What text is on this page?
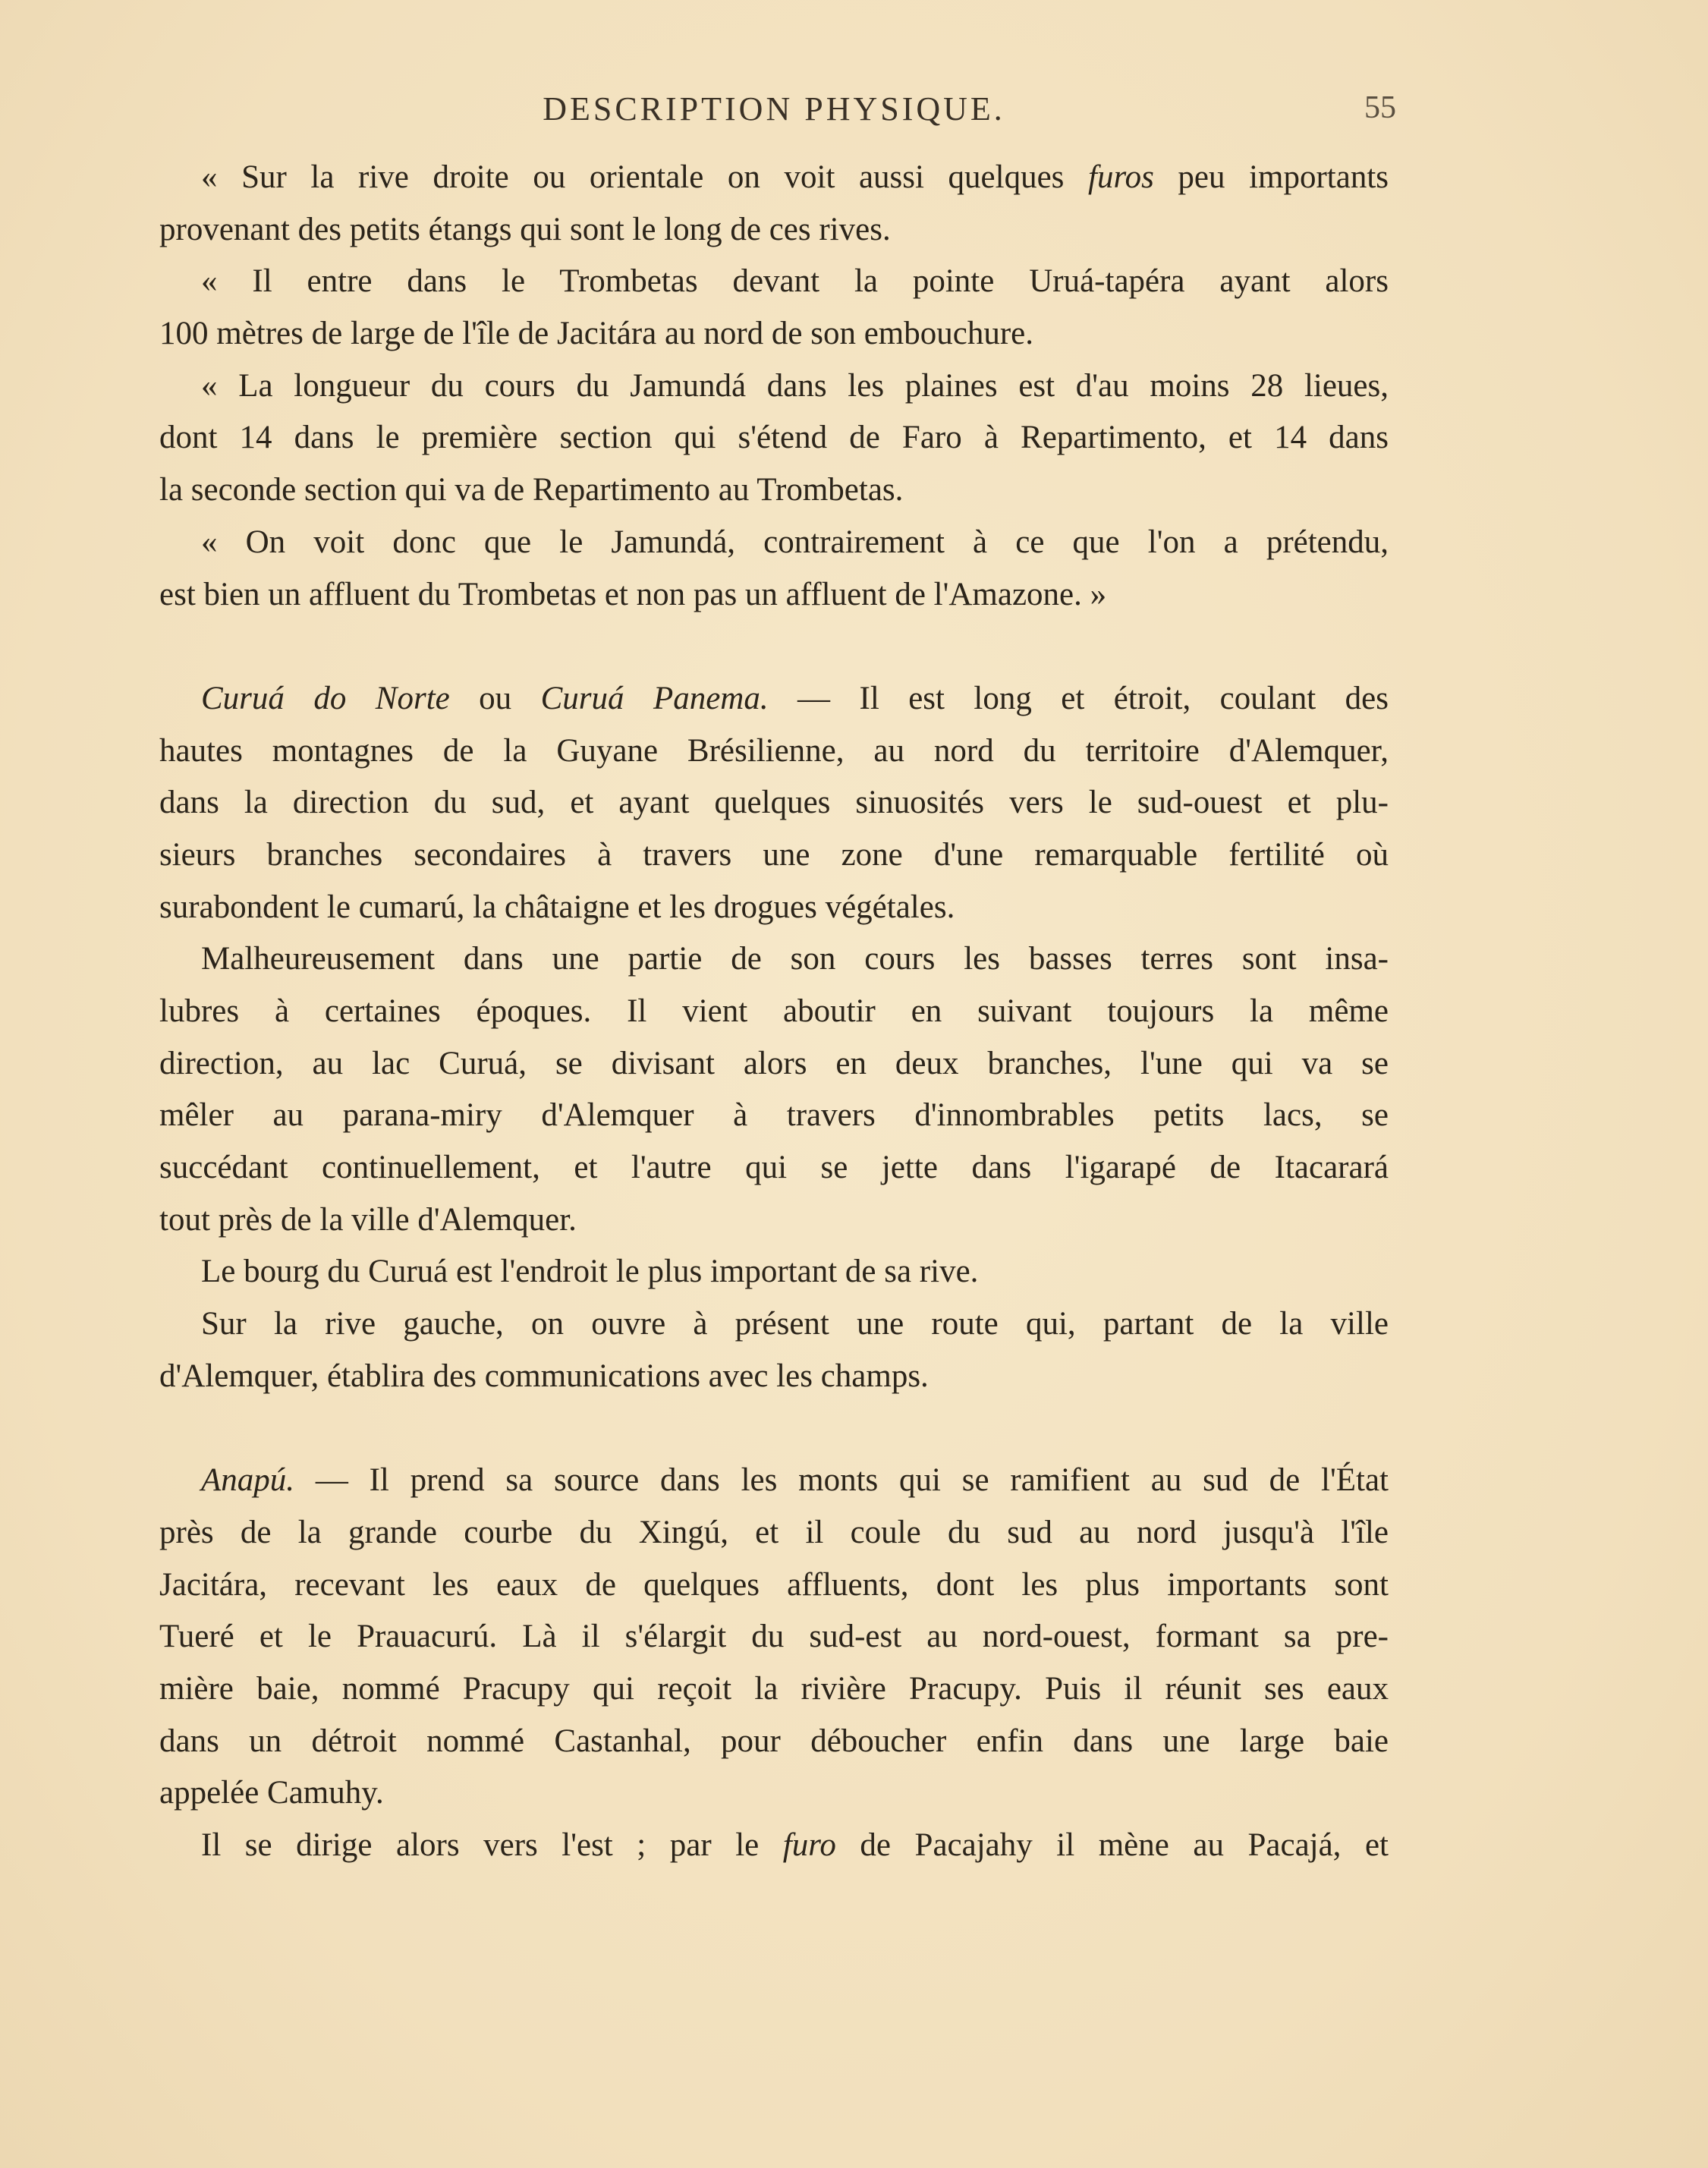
DESCRIPTION PHYSIQUE.	55
« Sur la rive droite ou orientale on voit aussi quelques furos peu importants
provenant des petits étangs qui sont le long de ces rives.
« Il entre dans le Trombetas devant la pointe Uruá-tapéra ayant alors
100 mètres de large de l'île de Jacitára au nord de son embouchure.
« La longueur du cours du Jamundá dans les plaines est d'au moins 28 lieues,
dont 14 dans le première section qui s'étend de Faro à Repartimento, et 14 dans
la seconde section qui va de Repartimento au Trombetas.
« On voit donc que le Jamundá, contrairement à ce que l'on a prétendu,
est bien un affluent du Trombetas et non pas un affluent de l'Amazone. »
Curuá do Norte ou Curuá Panema. — Il est long et étroit, coulant des
hautes montagnes de la Guyane Brésilienne, au nord du territoire d'Alemquer,
dans la direction du sud, et ayant quelques sinuosités vers le sud-ouest et plu-
sieurs branches secondaires à travers une zone d'une remarquable fertilité où
surabondent le cumarú, la châtaigne et les drogues végétales.
Malheureusement dans une partie de son cours les basses terres sont insa-
lubres à certaines époques. Il vient aboutir en suivant toujours la même
direction, au lac Curuá, se divisant alors en deux branches, l'une qui va se
mêler au parana-miry d'Alemquer à travers d'innombrables petits lacs, se
succédant continuellement, et l'autre qui se jette dans l'igarapé de Itacarará
tout près de la ville d'Alemquer.
Le bourg du Curuá est l'endroit le plus important de sa rive.
Sur la rive gauche, on ouvre à présent une route qui, partant de la ville
d'Alemquer, établira des communications avec les champs.
Anapú. — Il prend sa source dans les monts qui se ramifient au sud de l'État
près de la grande courbe du Xingú, et il coule du sud au nord jusqu'à l'île
Jacitára, recevant les eaux de quelques affluents, dont les plus importants sont
Tueré et le Prauacurú. Là il s'élargit du sud-est au nord-ouest, formant sa pre-
mière baie, nommé Pracupy qui reçoit la rivière Pracupy. Puis il réunit ses eaux
dans un détroit nommé Castanhal, pour déboucher enfin dans une large baie
appelée Camuhy.
Il se dirige alors vers l'est ; par le furo de Pacajahy il mène au Pacajá, et
